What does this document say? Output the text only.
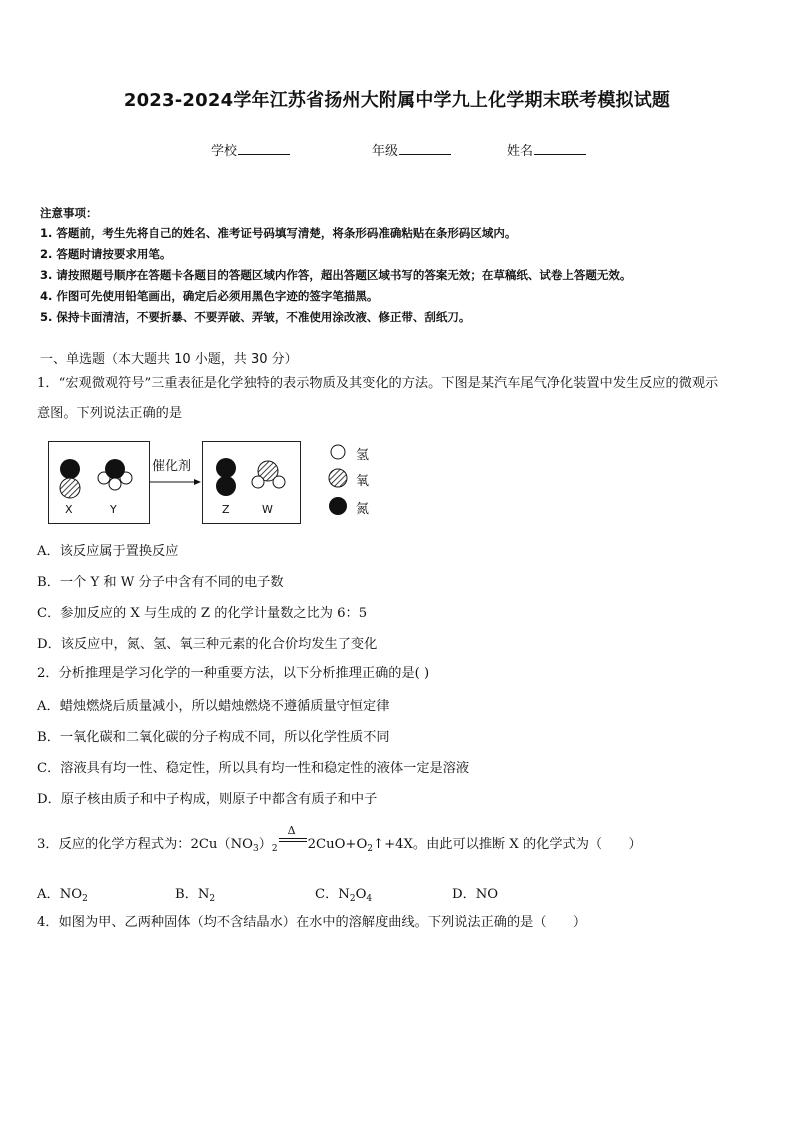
2023-2024学年江苏省扬州大附属中学九上化学期末联考模拟试题
学校	年级	姓名
注意事项：
1. 答题前，考生先将自己的姓名、准考证号码填写清楚，将条形码准确粘贴在条形码区域内。
2. 答题时请按要求用笔。
3. 请按照题号顺序在答题卡各题目的答题区域内作答，超出答题区域书写的答案无效；在草稿纸、试卷上答题无效。
4. 作图可先使用铅笔画出，确定后必须用黑色字迹的签字笔描黑。
5. 保持卡面清洁，不要折暴、不要弄破、弄皱，不准使用涂改液、修正带、刮纸刀。
一、单选题（本大题共 10 小题，共 30 分）
1．“宏观微观符号”三重表征是化学独特的表示物质及其变化的方法。下图是某汽车尾气净化装置中发生反应的微观示
意图。下列说法正确的是
催化剂
X	Y	Z	W
氢
氧
氮
A．该反应属于置换反应
B．一个 Y 和 W 分子中含有不同的电子数
C．参加反应的 X 与生成的 Z 的化学计量数之比为 6：5
D．该反应中，氮、氢、氧三种元素的化合价均发生了变化
2．分析推理是学习化学的一种重要方法，以下分析推理正确的是( )
A．蜡烛燃烧后质量减小，所以蜡烛燃烧不遵循质量守恒定律
B．一氧化碳和二氧化碳的分子构成不同，所以化学性质不同
C．溶液具有均一性、稳定性，所以具有均一性和稳定性的液体一定是溶液
D．原子核由质子和中子构成，则原子中都含有质子和中子
3．反应的化学方程式为：$2Cu(NO_3)_2$
Δ
$2CuO+O_2↑+4X$。由此可以推断 X 的化学式为（　　）
A．$NO_2$	B．$N_2$	C．$N_2O_4$	D．NO
4．如图为甲、乙两种固体（均不含结晶水）在水中的溶解度曲线。下列说法正确的是（　　）
